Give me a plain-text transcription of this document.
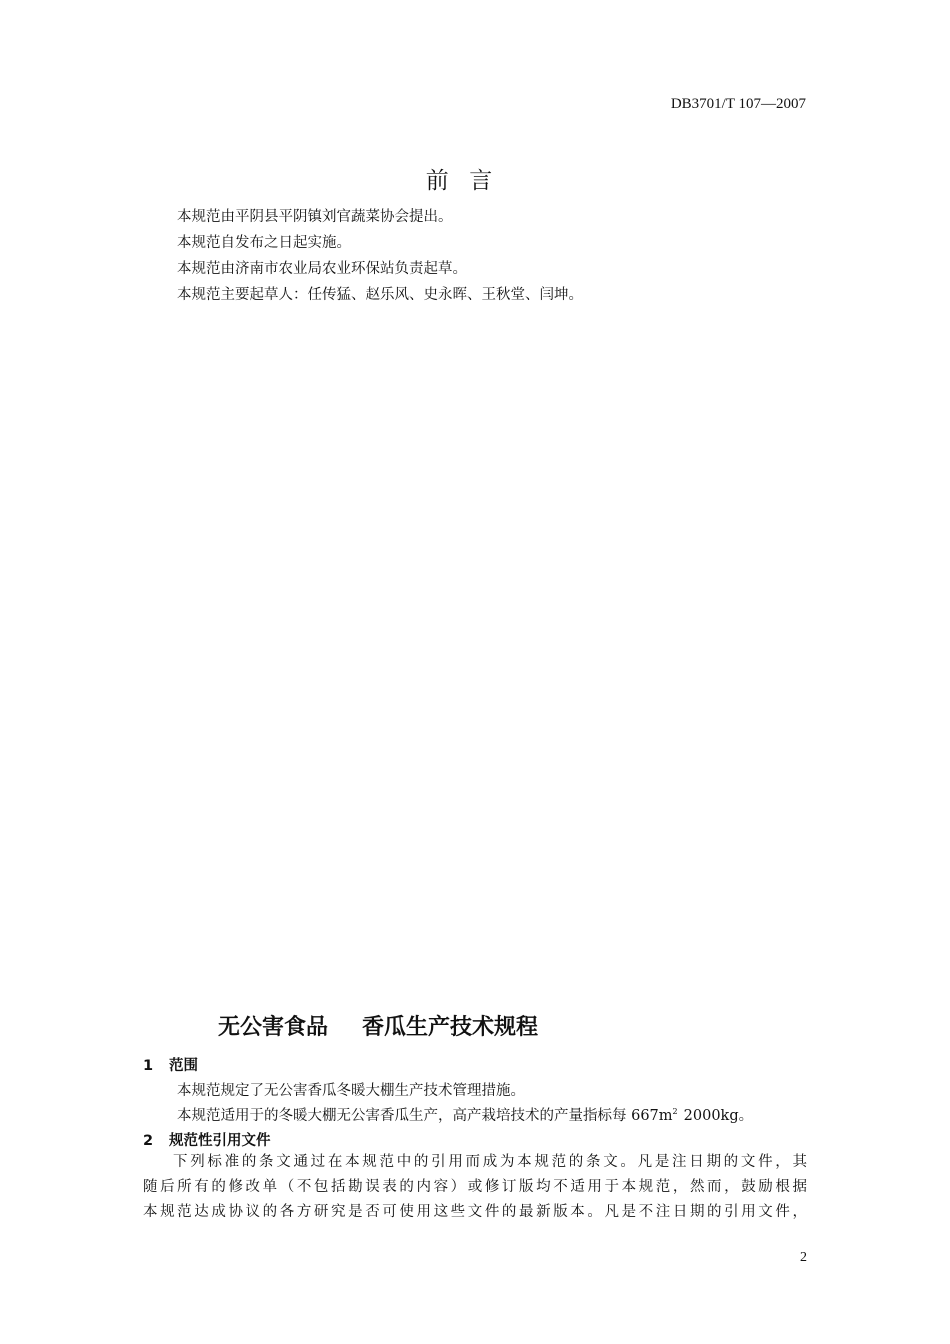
DB3701/T 107—2007
前  言
本规范由平阴县平阴镇刘官蔬菜协会提出。
本规范自发布之日起实施。
本规范由济南市农业局农业环保站负责起草。
本规范主要起草人：任传猛、赵乐风、史永晖、王秋堂、闫坤。
无公害食品 香瓜生产技术规程
1 范围
本规范规定了无公害香瓜冬暖大棚生产技术管理措施。
本规范适用于的冬暖大棚无公害香瓜生产，高产栽培技术的产量指标每 $667m^2$ 2000kg。
2 规范性引用文件
下列标准的条文通过在本规范中的引用而成为本规范的条文。凡是注日期的文件，其
随后所有的修改单（不包括勘误表的内容）或修订版均不适用于本规范，然而，鼓励根据
本规范达成协议的各方研究是否可使用这些文件的最新版本。凡是不注日期的引用文件，
2
